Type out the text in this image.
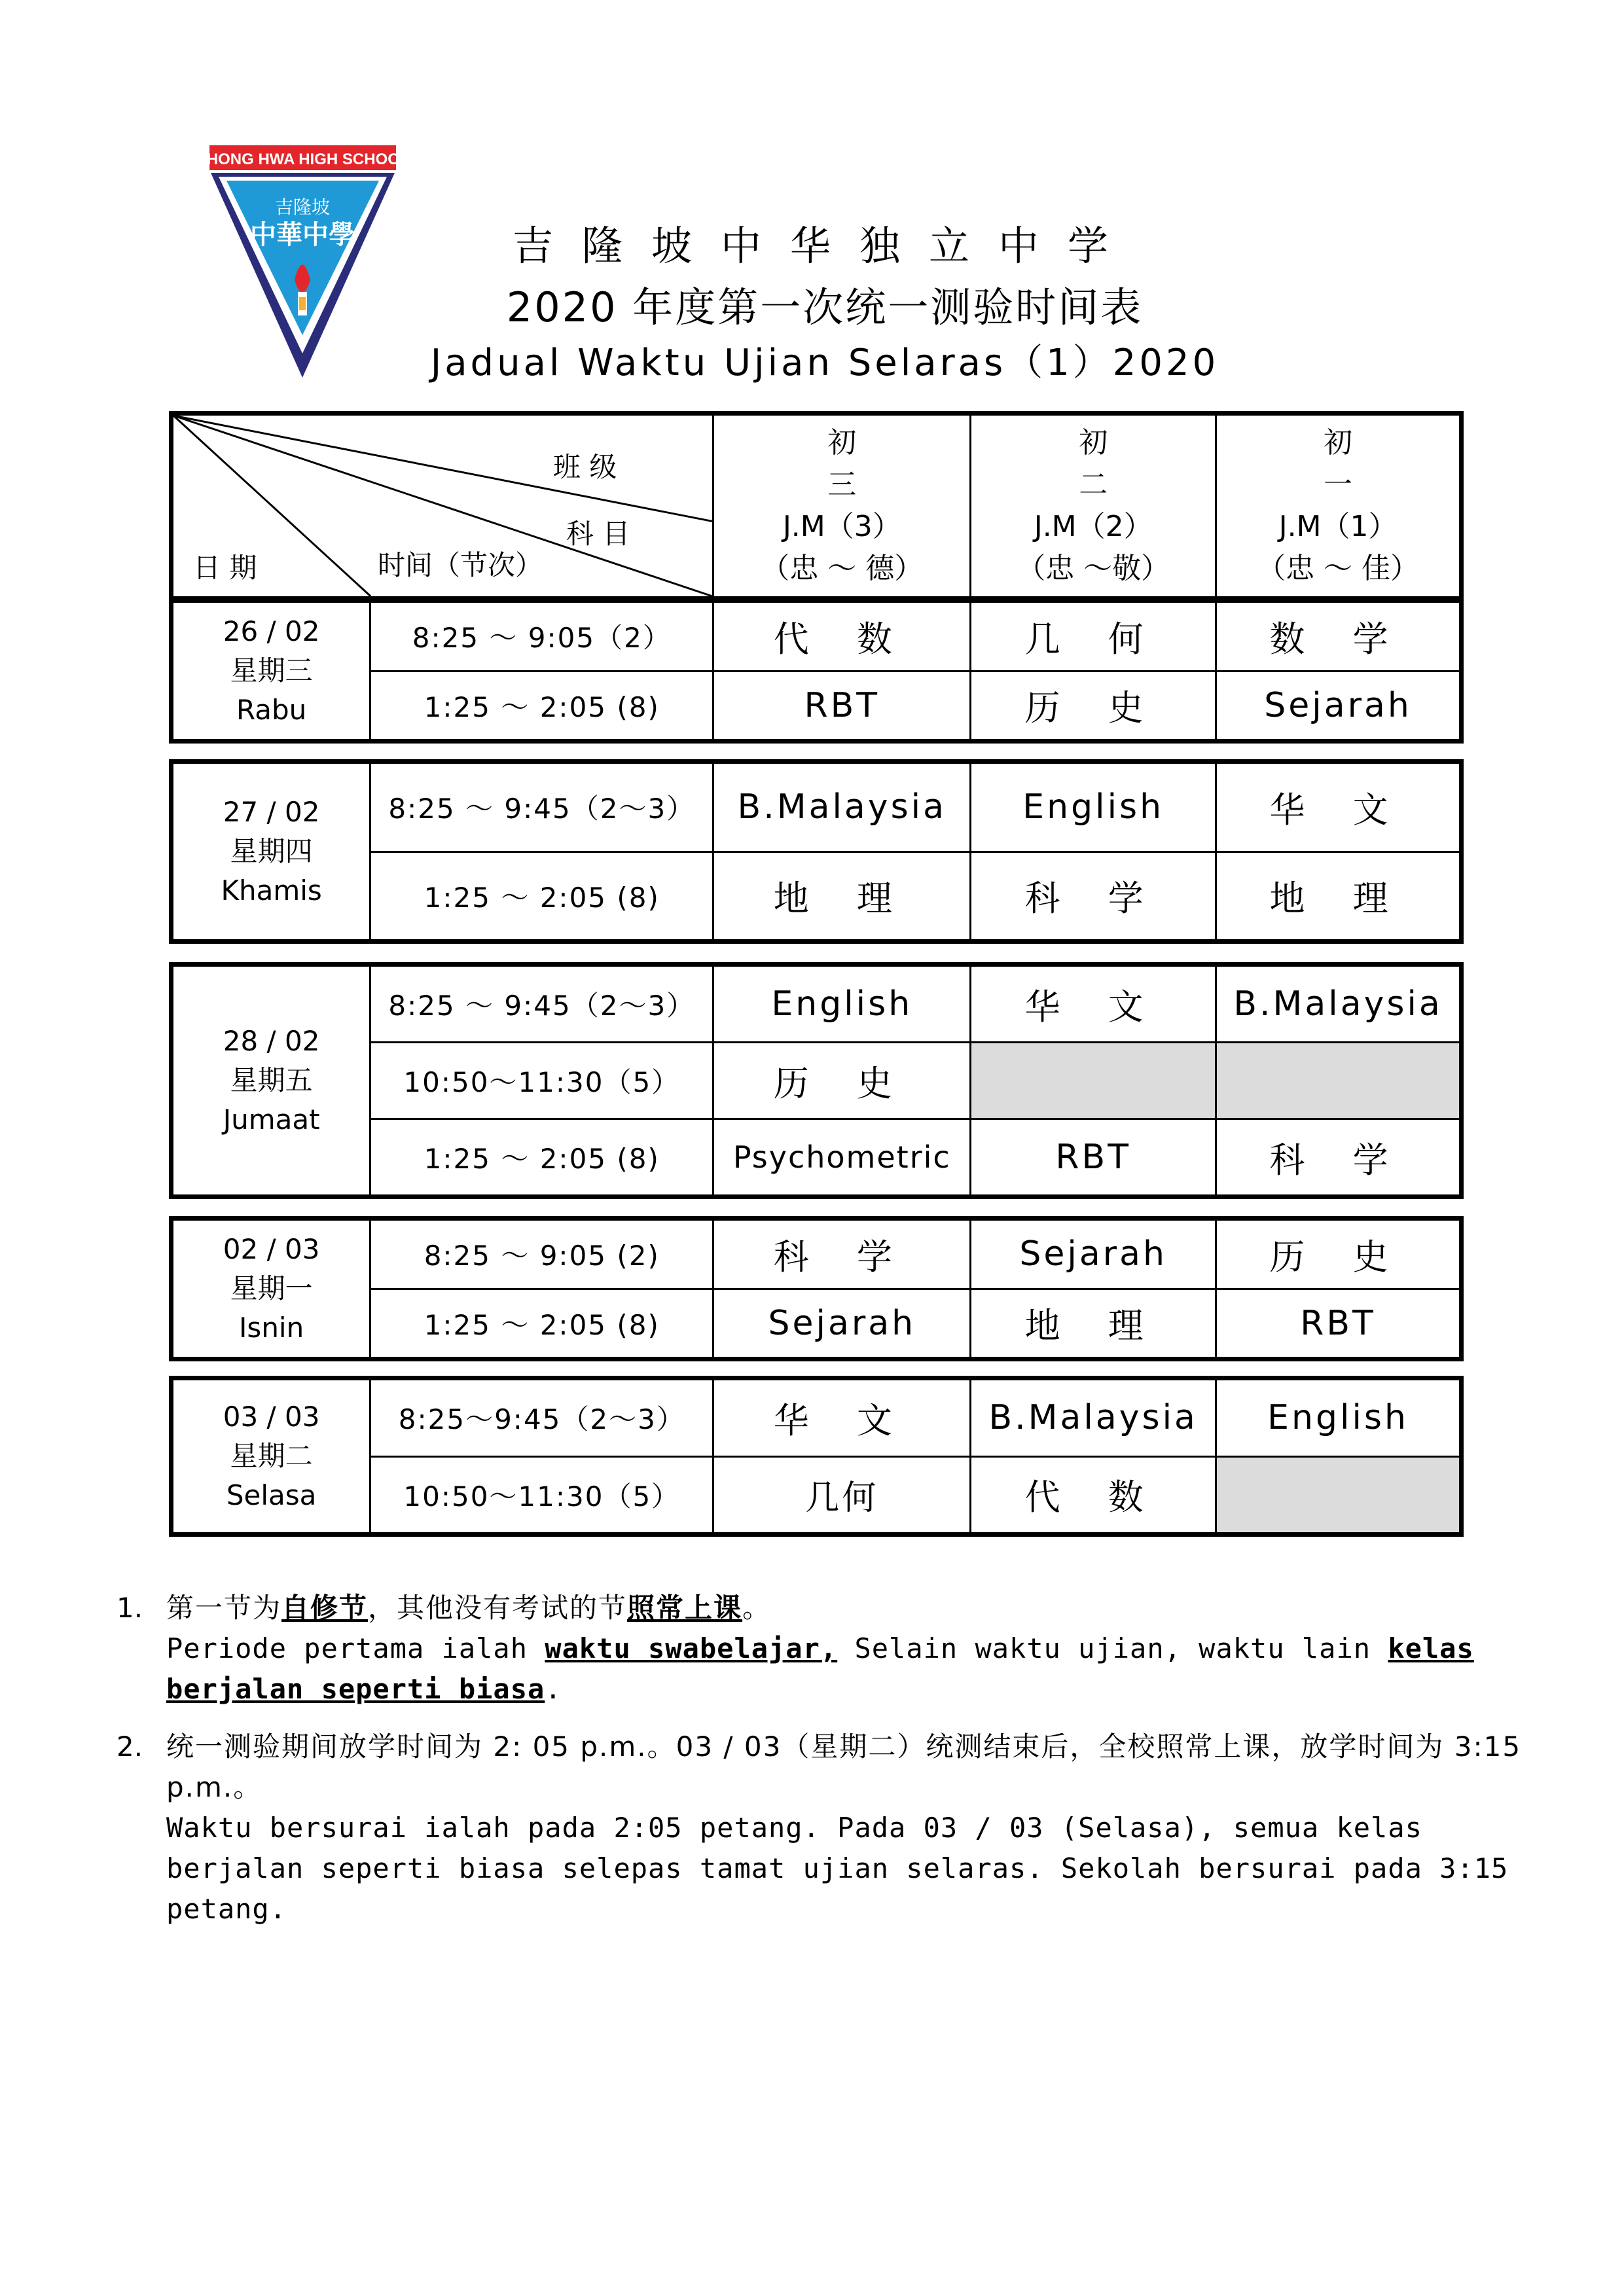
CHONG HWA HIGH SCHOOL
吉隆坡
中華中學	吉隆坡中华独立中学
2020 年度第一次统一测验时间表
Jadual Waktu Ujian Selaras（1）2020
班 级
科 目
日 期	时间（节次）

初
三
J.M（3）
（忠 ～ 德）

初
二
J.M（2）
（忠 ～敬）

初
一
J.M（1）
（忠 ～ 佳）
26 / 02
星期三
Rabu	8:25 ～ 9:05（2）	代 数	几 何	数 学
	1:25 ～ 2:05 (8)	RBT	历 史	Sejarah
27 / 02
星期四
Khamis	8:25 ～ 9:45（2～3）	B.Malaysia	English	华 文
	1:25 ～ 2:05 (8)	地 理	科 学	地 理
28 / 02
星期五
Jumaat	8:25 ～ 9:45（2～3）	English	华 文	B.Malaysia
	10:50～11:30（5）	历 史		
	1:25 ～ 2:05 (8)	Psychometric	RBT	科 学
02 / 03
星期一
Isnin	8:25 ～ 9:05 (2)	科 学	Sejarah	历 史
	1:25 ～ 2:05 (8)	Sejarah	地 理	RBT
03 / 03
星期二
Selasa	8:25～9:45（2～3）	华 文	B.Malaysia	English
	10:50～11:30（5）	几何	代 数	
1. 第一节为自修节，其他没有考试的节照常上课。

Periode pertama ialah waktu swabelajar, Selain waktu ujian, waktu lain kelas berjalan seperti biasa.

2. 统一测验期间放学时间为 2: 05 p.m.。03 / 03（星期二）统测结束后，全校照常上课，放学时间为 3:15 p.m.。

Waktu bersurai ialah pada 2:05 petang. Pada 03 / 03 (Selasa), semua kelas berjalan seperti biasa selepas tamat ujian selaras. Sekolah bersurai pada 3:15 petang.
